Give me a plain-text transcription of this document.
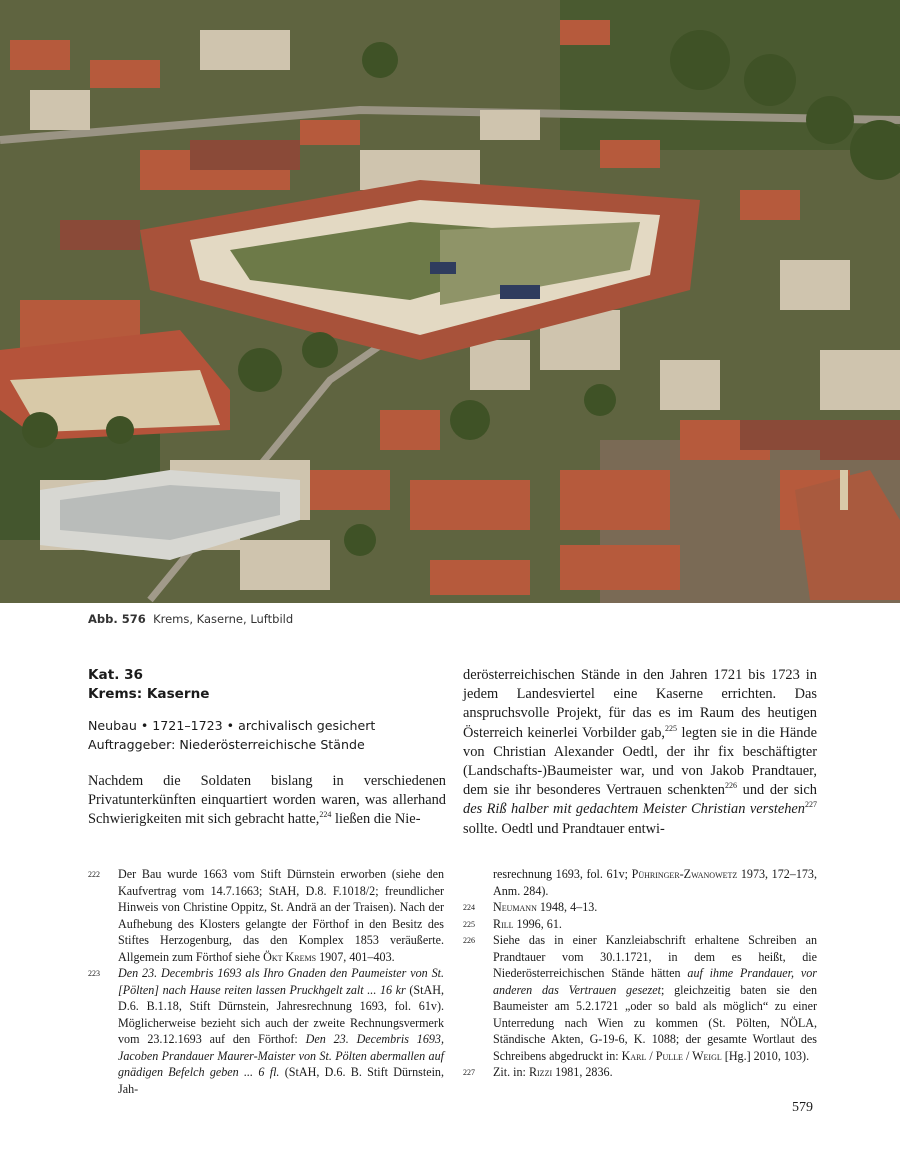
Abb. 576 Krems, Kaserne, Luftbild
Kat. 36
Krems: Kaserne
Neubau • 1721–1723 • archivalisch gesichert
Auftraggeber: Niederösterreichische Stände

Nachdem die Soldaten bislang in verschiedenen Privatunterkünften einquartiert worden waren, was allerhand Schwierigkeiten mit sich gebracht hatte,$^{224}$ ließen die Nie-

derösterreichischen Stände in den Jahren 1721 bis 1723 in jedem Landesviertel eine Kaserne errichten. Das anspruchsvolle Projekt, für das es im Raum des heutigen Österreich keinerlei Vorbilder gab,$^{225}$ legten sie in die Hände von Christian Alexander Oedtl, der ihr fix beschäftigter (Landschafts-)Baumeister war, und von Jakob Prandtauer, dem sie ihr besonderes Vertrauen schenkten$^{226}$ und der sich des Riß halber mit gedachtem Meister Christian verstehen$^{227}$ sollte. Oedtl und Prandtauer entwi-

222 Der Bau wurde 1663 vom Stift Dürnstein erworben (siehe den Kaufvertrag vom 14.7.1663; StAH, D.8. F.1018/2; freundlicher Hinweis von Christine Oppitz, St. Andrä an der Traisen). Nach der Aufhebung des Klosters gelangte der Förthof in den Besitz des Stiftes Herzogenburg, das den Komplex 1853 veräußerte. Allgemein zum Förthof siehe Ökt Krems 1907, 401–403.
223 Den 23. Decembris 1693 als Ihro Gnaden den Paumeister von St. [Pölten] nach Hause reiten lassen Pruckhgelt zalt ... 16 kr (StAH, D.6. B.1.18, Stift Dürnstein, Jahresrechnung 1693, fol. 61v). Möglicherweise bezieht sich auch der zweite Rechnungsvermerk vom 23.12.1693 auf den Förthof: Den 23. Decembris 1693, Jacoben Prandauer Maurer-Maister von St. Pölten abermallen auf gnädigen Befelch geben ... 6 fl. (StAH, D.6. B. Stift Dürnstein, Jah-
resrechnung 1693, fol. 61v; Pühringer-Zwanowetz 1973, 172–173, Anm. 284).
224 Neumann 1948, 4–13.
225 Rill 1996, 61.
226 Siehe das in einer Kanzleiabschrift erhaltene Schreiben an Prandtauer vom 30.1.1721, in dem es heißt, die Niederösterreichischen Stände hätten auf ihme Prandauer, vor anderen das Vertrauen gesezet; gleichzeitig baten sie den Baumeister am 5.2.1721 „oder so bald als möglich“ zu einer Unterredung nach Wien zu kommen (St. Pölten, NÖLA, Ständische Akten, G-19-6, K. 1088; der gesamte Wortlaut des Schreibens abgedruckt in: Karl / Pulle / Weigl [Hg.] 2010, 103).
227 Zit. in: Rizzi 1981, 2836.
579
